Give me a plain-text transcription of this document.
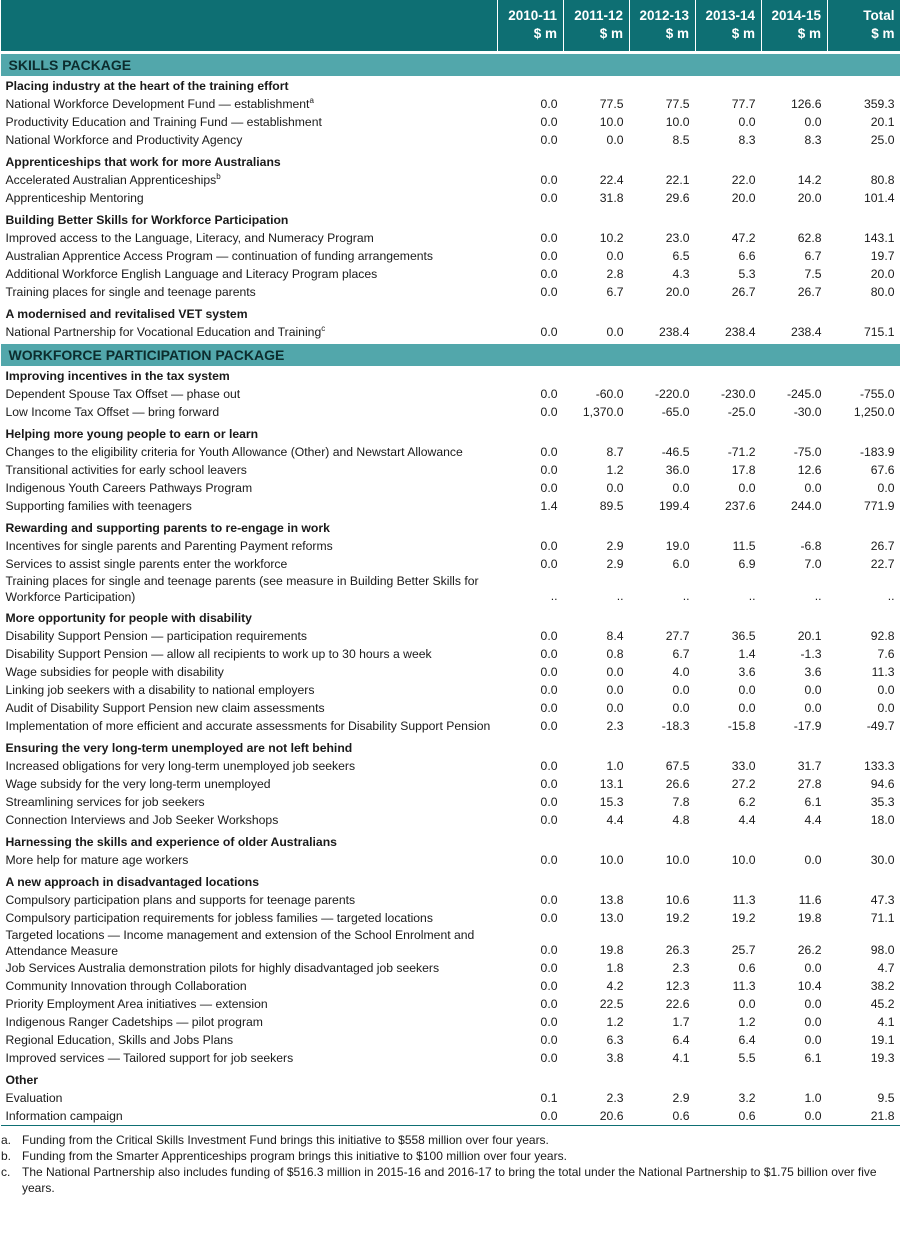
	2010-11	2011-12	2012-13	2013-14	2014-15	Total
	$ m	$ m	$ m	$ m	$ m	$ m
SKILLS PACKAGE						
Placing industry at the heart of the training effort						
National Workforce Development Fund — establishment$^a$	0.0	77.5	77.5	77.7	126.6	359.3
Productivity Education and Training Fund — establishment	0.0	10.0	10.0	0.0	0.0	20.1
National Workforce and Productivity Agency	0.0	0.0	8.5	8.3	8.3	25.0
Apprenticeships that work for more Australians						
Accelerated Australian Apprenticeships$^b$	0.0	22.4	22.1	22.0	14.2	80.8
Apprenticeship Mentoring	0.0	31.8	29.6	20.0	20.0	101.4
Building Better Skills for Workforce Participation						
Improved access to the Language, Literacy, and Numeracy Program	0.0	10.2	23.0	47.2	62.8	143.1
Australian Apprentice Access Program — continuation of funding arrangements	0.0	0.0	6.5	6.6	6.7	19.7
Additional Workforce English Language and Literacy Program places	0.0	2.8	4.3	5.3	7.5	20.0
Training places for single and teenage parents	0.0	6.7	20.0	26.7	26.7	80.0
A modernised and revitalised VET system						
National Partnership for Vocational Education and Training$^c$	0.0	0.0	238.4	238.4	238.4	715.1
WORKFORCE PARTICIPATION PACKAGE						
Improving incentives in the tax system						
Dependent Spouse Tax Offset — phase out	0.0	-60.0	-220.0	-230.0	-245.0	-755.0
Low Income Tax Offset — bring forward	0.0	1,370.0	-65.0	-25.0	-30.0	1,250.0
Helping more young people to earn or learn						
Changes to the eligibility criteria for Youth Allowance (Other) and Newstart Allowance	0.0	8.7	-46.5	-71.2	-75.0	-183.9
Transitional activities for early school leavers	0.0	1.2	36.0	17.8	12.6	67.6
Indigenous Youth Careers Pathways Program	0.0	0.0	0.0	0.0	0.0	0.0
Supporting families with teenagers	1.4	89.5	199.4	237.6	244.0	771.9
Rewarding and supporting parents to re-engage in work						
Incentives for single parents and Parenting Payment reforms	0.0	2.9	19.0	11.5	-6.8	26.7
Services to assist single parents enter the workforce	0.0	2.9	6.0	6.9	7.0	22.7
Training places for single and teenage parents (see measure in Building Better Skills for
Workforce Participation)	..	..	..	..	..	..
More opportunity for people with disability						
Disability Support Pension — participation requirements	0.0	8.4	27.7	36.5	20.1	92.8
Disability Support Pension — allow all recipients to work up to 30 hours a week	0.0	0.8	6.7	1.4	-1.3	7.6
Wage subsidies for people with disability	0.0	0.0	4.0	3.6	3.6	11.3
Linking job seekers with a disability to national employers	0.0	0.0	0.0	0.0	0.0	0.0
Audit of Disability Support Pension new claim assessments	0.0	0.0	0.0	0.0	0.0	0.0
Implementation of more efficient and accurate assessments for Disability Support Pension	0.0	2.3	-18.3	-15.8	-17.9	-49.7
Ensuring the very long-term unemployed are not left behind						
Increased obligations for very long-term unemployed job seekers	0.0	1.0	67.5	33.0	31.7	133.3
Wage subsidy for the very long-term unemployed	0.0	13.1	26.6	27.2	27.8	94.6
Streamlining services for job seekers	0.0	15.3	7.8	6.2	6.1	35.3
Connection Interviews and Job Seeker Workshops	0.0	4.4	4.8	4.4	4.4	18.0
Harnessing the skills and experience of older Australians						
More help for mature age workers	0.0	10.0	10.0	10.0	0.0	30.0
A new approach in disadvantaged locations						
Compulsory participation plans and supports for teenage parents	0.0	13.8	10.6	11.3	11.6	47.3
Compulsory participation requirements for jobless families — targeted locations	0.0	13.0	19.2	19.2	19.8	71.1
Targeted locations — Income management and extension of the School Enrolment and
Attendance Measure	0.0	19.8	26.3	25.7	26.2	98.0
Job Services Australia demonstration pilots for highly disadvantaged job seekers	0.0	1.8	2.3	0.6	0.0	4.7
Community Innovation through Collaboration	0.0	4.2	12.3	11.3	10.4	38.2
Priority Employment Area initiatives — extension	0.0	22.5	22.6	0.0	0.0	45.2
Indigenous Ranger Cadetships — pilot program	0.0	1.2	1.7	1.2	0.0	4.1
Regional Education, Skills and Jobs Plans	0.0	6.3	6.4	6.4	0.0	19.1
Improved services — Tailored support for job seekers	0.0	3.8	4.1	5.5	6.1	19.3
Other						
Evaluation	0.1	2.3	2.9	3.2	1.0	9.5
Information campaign	0.0	20.6	0.6	0.6	0.0	21.8

a. Funding from the Critical Skills Investment Fund brings this initiative to $558 million over four years.
b. Funding from the Smarter Apprenticeships program brings this initiative to $100 million over four years.
c. The National Partnership also includes funding of $516.3 million in 2015-16 and 2016-17 to bring the total under the National Partnership to $1.75 billion over five years.
